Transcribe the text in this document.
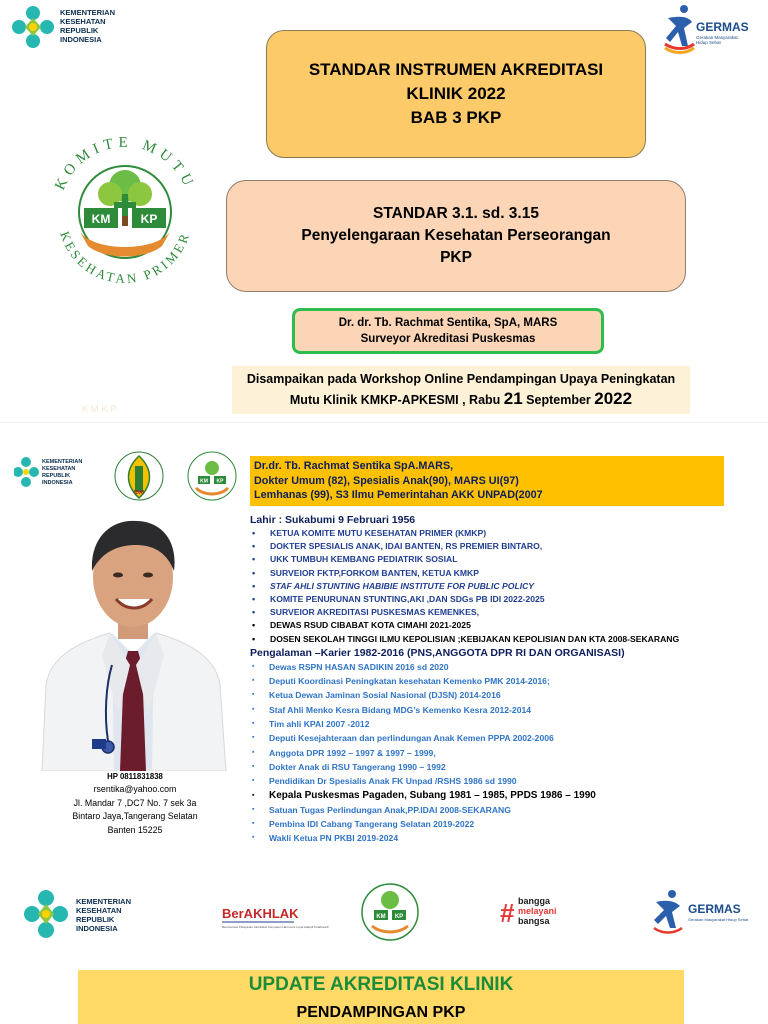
KEMENTERIAN
KESEHATAN
REPUBLIK
INDONESIA
GERMAS
Gerakan Masyarakat Hidup Sehat
STANDAR INSTRUMEN AKREDITASI
KLINIK 2022
BAB 3 PKP
KOMITE MUTU
KESEHATAN PRIMER
KM	KP	STANDAR 3.1. sd. 3.15
Penyelengaraan Kesehatan Perseorangan
PKP
Dr. dr. Tb. Rachmat Sentika, SpA, MARS
Surveyor Akreditasi Puskesmas
Disampaikan pada Workshop Online Pendampingan Upaya Peningkatan
Mutu Klinik KMKP-APKESMI , Rabu 21 September 2022
KMKP
KEMENTERIAN
KESEHATAN
REPUBLIK
INDONESIA
IDAI
KM KP
Dr.dr. Tb. Rachmat Sentika SpA.MARS,
Dokter Umum (82), Spesialis Anak(90), MARS UI(97)
Lemhanas (99), S3 Ilmu Pemerintahan AKK UNPAD(2007
HP 0811831838
rsentika@yahoo.com
Jl. Mandar 7 ,DC7 No. 7 sek 3a
Bintaro Jaya,Tangerang Selatan
Banten 15225
Lahir : Sukabumi 9 Februari 1956
• KETUA KOMITE MUTU KESEHATAN PRIMER (KMKP)
• DOKTER SPESIALIS ANAK, IDAI BANTEN, RS PREMIER BINTARO,
• UKK TUMBUH KEMBANG PEDIATRIK SOSIAL
• SURVEIOR FKTP,FORKOM BANTEN, KETUA KMKP
• STAF AHLI STUNTING HABIBIE INSTITUTE FOR PUBLIC POLICY
• KOMITE PENURUNAN STUNTING,AKI ,DAN SDGs PB IDI 2022-2025
• SURVEIOR AKREDITASI PUSKESMAS KEMENKES,
• DEWAS RSUD CIBABAT KOTA CIMAHI 2021-2025
• DOSEN SEKOLAH TINGGI ILMU KEPOLISIAN ;KEBIJAKAN KEPOLISIAN DAN KTA 2008-SEKARANG
Pengalaman –Karier 1982-2016 (PNS,ANGGOTA DPR RI DAN ORGANISASI)
▪ Dewas RSPN HASAN SADIKIN 2016 sd 2020
▪ Deputi Koordinasi Peningkatan kesehatan Kemenko PMK 2014-2016;
▪ Ketua Dewan Jaminan Sosial Nasional (DJSN) 2014-2016
▪ Staf Ahli Menko Kesra Bidang MDG’s Kemenko Kesra 2012-2014
▪ Tim ahli KPAI 2007 -2012
▪ Deputi Kesejahteraan dan perlindungan Anak Kemen PPPA 2002-2006
▪ Anggota DPR 1992 – 1997 & 1997 – 1999,
▪ Dokter Anak di RSU Tangerang 1990 – 1992
▪ Pendidikan Dr Spesialis Anak FK Unpad /RSHS 1986 sd 1990
▪ Kepala Puskesmas Pagaden, Subang 1981 – 1985, PPDS 1986 – 1990
▪ Satuan Tugas Perlindungan Anak,PP.IDAI 2008-SEKARANG
▪ Pembina IDI Cabang Tangerang Selatan 2019-2022
▪ Wakli Ketua PN PKBI 2019-2024
KEMENTERIAN
KESEHATAN
REPUBLIK
INDONESIA
BerAKHLAK
Berorientasi Pelayanan Akuntabel Kompeten Harmonis Loyal Adaptif Kolaboratif
KM KP	# bangga
melayani
bangsa
GERMAS
Gerakan Masyarakat Hidup Sehat
UPDATE AKREDITASI KLINIK
PENDAMPINGAN PKP
